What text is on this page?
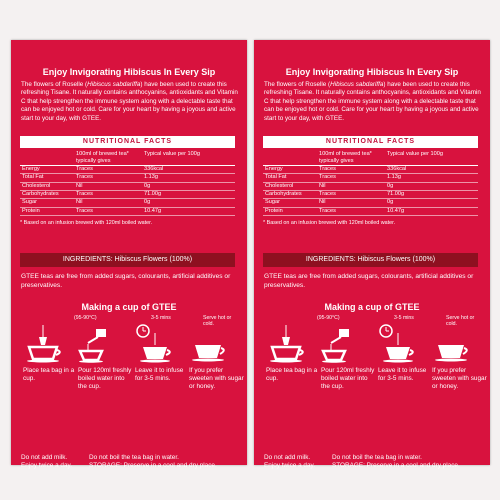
Enjoy Invigorating Hibiscus In Every Sip
The flowers of Roselle (Hibiscus sabdariffa) have been used to create this refreshing Tisane. It naturally contains anthocyanins, antioxidants and Vitamin C that help strengthen the immune system along with a delectable taste that can be enjoyed hot or cold. Care for your heart by having a joyous and active start to your day, with GTEE.
NUTRITIONAL FACTS
	100ml of brewed tea* typically gives	Typical value per 100g
Energy	Traces	336kcal
Total Fat	Traces	1.13g
Cholesterol	Nil	0g
Carbohydrates	Traces	71.00g
Sugar	Nil	0g
Protein	Traces	10.47g
* Based on an infusion brewed with 120ml boiled water.
INGREDIENTS: Hibiscus Flowers (100%)
GTEE teas are free from added sugars, colourants, artificial additives or preservatives.
Making a cup of GTEE
Place tea bag in a cup.
(95-90°C)
Pour 120ml freshly boiled water into the cup.
3-5 mins
Leave it to infuse for 3-5 mins.
Serve hot or cold.
If you prefer sweeten with sugar or honey.
Do not add milk.	Do not boil the tea bag in water.
Enjoy twice a day.	STORAGE: Preserve in a cool and dry place.
Enjoy Invigorating Hibiscus In Every Sip
The flowers of Roselle (Hibiscus sabdariffa) have been used to create this refreshing Tisane. It naturally contains anthocyanins, antioxidants and Vitamin C that help strengthen the immune system along with a delectable taste that can be enjoyed hot or cold. Care for your heart by having a joyous and active start to your day, with GTEE.
NUTRITIONAL FACTS
	100ml of brewed tea* typically gives	Typical value per 100g
Energy	Traces	336kcal
Total Fat	Traces	1.13g
Cholesterol	Nil	0g
Carbohydrates	Traces	71.00g
Sugar	Nil	0g
Protein	Traces	10.47g
* Based on an infusion brewed with 120ml boiled water.
INGREDIENTS: Hibiscus Flowers (100%)
GTEE teas are free from added sugars, colourants, artificial additives or preservatives.
Making a cup of GTEE
Place tea bag in a cup.
(95-90°C)
Pour 120ml freshly boiled water into the cup.
3-5 mins
Leave it to infuse for 3-5 mins.
Serve hot or cold.
If you prefer sweeten with sugar or honey.
Do not add milk.	Do not boil the tea bag in water.
Enjoy twice a day.	STORAGE: Preserve in a cool and dry place.
